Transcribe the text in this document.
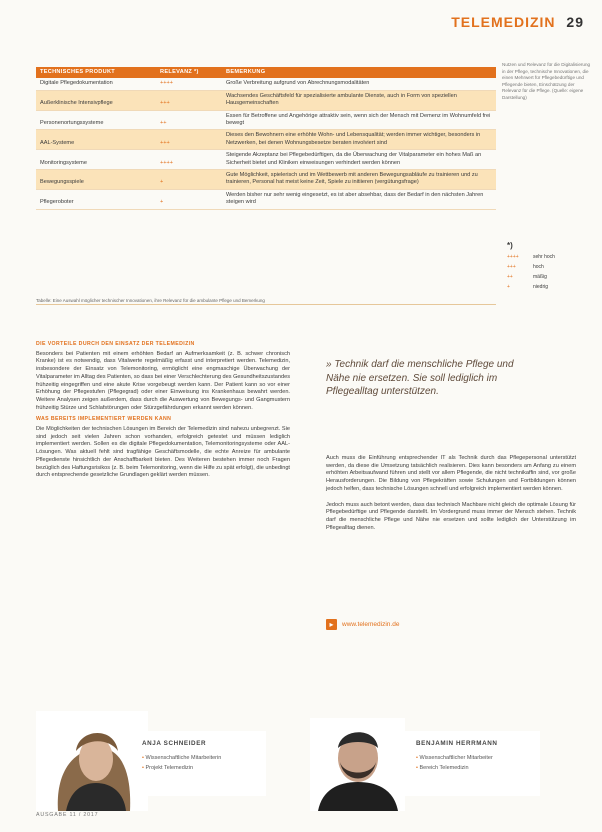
TELEMEDIZIN 29
Nutzen und Relevanz für die Digitalisierung in der Pflege, technische Innovationen, die einen Mehrwert für Pflegebedürftige und Pflegende bieten, Einschätzung der Relevanz für die Pflege. (Quelle: eigene Darstellung)
TECHNISCHES PRODUKT	RELEVANZ *)	BEMERKUNG
Digitale Pflegedokumentation	++++	Große Verbreitung aufgrund von Abrechnungsmodalitäten
Außerklinische Intensivpflege	+++	Wachsendes Geschäftsfeld für spezialisierte ambulante Dienste, auch in Form von speziellen Hausgemeinschaften
Personenortungssysteme	++	Essen für Betroffene und Angehörige attraktiv sein, wenn sich der Mensch mit Demenz im Wohnumfeld frei bewegt
AAL-Systeme	+++	Dieses den Bewohnern eine erhöhte Wohn- und Lebensqualität; werden immer wichtiger, besonders in Netzwerken, bei denen Wohnungsbesetze beraten involviert sind
Monitoringsysteme	++++	Steigende Akzeptanz bei Pflegebedürftigen, da die Überwachung der Vitalparameter ein hohes Maß an Sicherheit bietet und Kliniken einweisungen verhindert werden können
Bewegungsspiele	+	Gute Möglichkeit, spielerisch und im Wettbewerb mit anderen Bewegungsabläufe zu trainieren und zu trainieren, Personal hat meist keine Zeit, Spiele zu initiieren (vergütungsfrage)
Pflegeroboter	+	Werden bisher nur sehr wenig eingesetzt, es ist aber absehbar, dass der Bedarf in den nächsten Jahren steigen wird
Tabelle: Eine Auswahl möglicher technischer Innovationen, ihre Relevanz für die ambulante Pflege und Bemerkung
*)
++++	sehr hoch
+++	hoch
++	mäßig
+	niedrig
DIE VORTEILE DURCH DEN EINSATZ DER TELEMEDIZIN

Besonders bei Patienten mit einem erhöhten Bedarf an Aufmerksamkeit (z. B. schwer chronisch Kranke) ist es notwendig, dass Vitalwerte regelmäßig erfasst und interpretiert werden. Telemedizin, insbesondere der Einsatz von Telemonitoring, ermöglicht eine engmaschige Überwachung der Vitalparameter im Alltag des Patienten, so dass bei einer Verschlechterung des Gesundheitszustandes frühzeitig eingegriffen und eine akute Krise vorgebeugt werden kann. Der Patient kann so vor einer Erhöhung der Pflegestufen (Pflegegrad) oder einer Einweisung ins Krankenhaus bewahrt werden. Weitere Analysen zeigen außerdem, dass durch die Auswertung von Bewegungs- und Gangmustern frühzeitig Stürze und Schlafstörungen oder Stürzgefährdungen erkannt werden können.

WAS BEREITS IMPLEMENTIERT WERDEN KANN

Die Möglichkeiten der technischen Lösungen im Bereich der Telemedizin sind nahezu unbegrenzt. Sie sind jedoch seit vielen Jahren schon vorhanden, erfolgreich getestet und müssen lediglich implementiert werden. Sollen es die digitale Pflegedokumentation, Telemonitoringsysteme oder AAL-Lösungen. Was aktuell fehlt sind tragfähige Geschäftsmodelle, die echte Anreize für ambulante Pflegedienste hinsichtlich der Anschaffbarkeit bieten. Des Weiteren bestehen immer noch Fragen bezüglich des Haftungsrisikos (z. B. beim Telemonitoring, wenn die Hilfe zu spät erfolgt), die unbedingt durch entsprechende gesetzliche Grundlagen geklärt werden müssen.

» Technik darf die menschliche Pflege und Nähe nie ersetzen. Sie soll lediglich im Pflegealltag unterstützen.

Auch muss die Einführung entsprechender IT als Technik durch das Pflegepersonal unterstützt werden, da diese die Umsetzung tatsächlich realisieren. Dies kann besonders am Anfang zu einem erhöhten Arbeitsaufwand führen und stellt vor allem Pflegende, die nicht technikaffin sind, vor große Herausforderungen. Die Bildung von Pflegekräften sowie Schulungen und Fortbildungen können jedoch helfen, dass technische Lösungen schnell und erfolgreich implementiert werden können.

Jedoch muss auch betont werden, dass das technisch Machbare nicht gleich die optimale Lösung für Pflegebedürftige und Pflegende darstellt. Im Vordergrund muss immer der Mensch stehen. Technik darf die menschliche Pflege und Nähe nie ersetzen und sollte lediglich der Unterstützung im Pflegealltag dienen.

▸	www.telemedizin.de
ANJA SCHNEIDER
• Wissenschaftliche Mitarbeiterin
• Projekt Telemedizin
BENJAMIN HERRMANN
• Wissenschaftlicher Mitarbeiter
• Bereich Telemedizin
AUSGABE 11 / 2017
